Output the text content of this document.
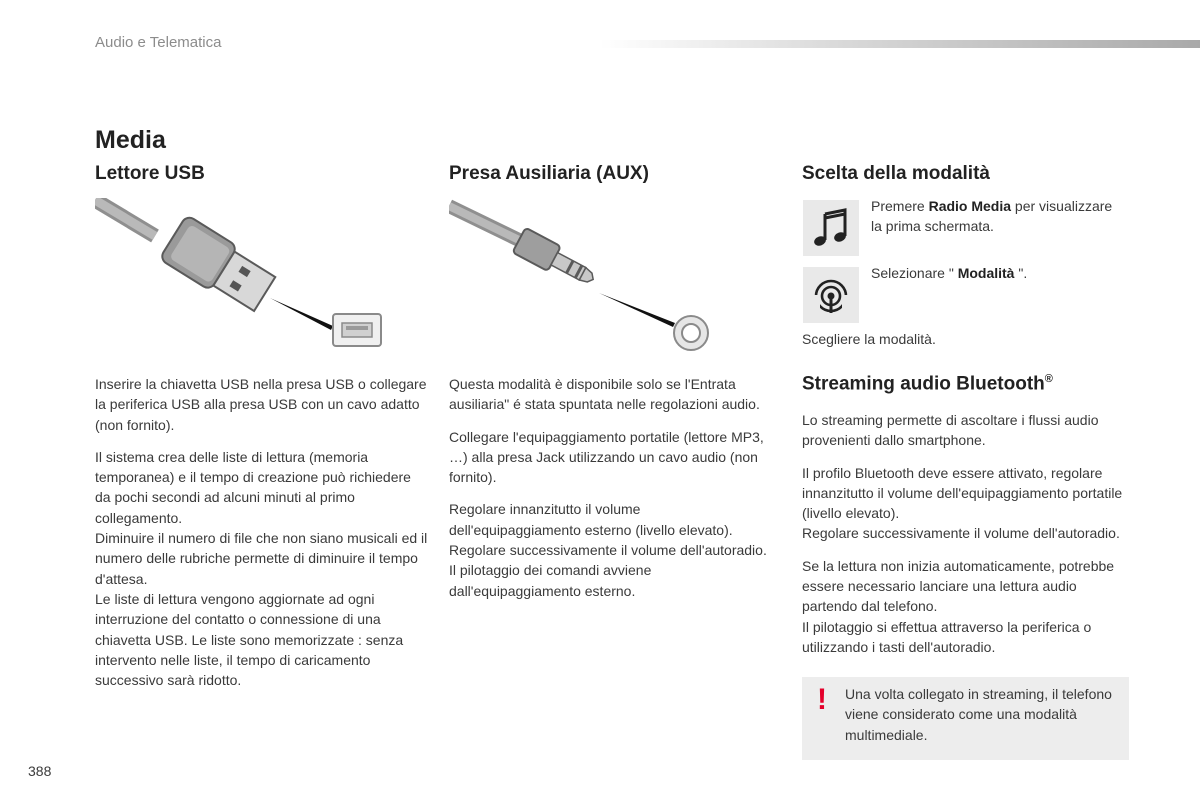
Audio e Telematica
Media
Lettore USB

Inserire la chiavetta USB nella presa USB o collegare la periferica USB alla presa USB con un cavo adatto (non fornito).

Il sistema crea delle liste di lettura (memoria temporanea) e il tempo di creazione può richiedere da pochi secondi ad alcuni minuti al primo collegamento.

Diminuire il numero di file che non siano musicali ed il numero delle rubriche permette di diminuire il tempo d'attesa.

Le liste di lettura vengono aggiornate ad ogni interruzione del contatto o connessione di una chiavetta USB. Le liste sono memorizzate : senza intervento nelle liste, il tempo di caricamento successivo sarà ridotto.

Presa Ausiliaria (AUX)

Questa modalità è disponibile solo se l'Entrata ausiliaria" é stata spuntata nelle regolazioni audio.

Collegare l'equipaggiamento portatile (lettore MP3, …) alla presa Jack utilizzando un cavo audio (non fornito).

Regolare innanzitutto il volume dell'equipaggiamento esterno (livello elevato).

Regolare successivamente il volume dell'autoradio.

Il pilotaggio dei comandi avviene dall'equipaggiamento esterno.

Scelta della modalità
Premere Radio Media per visualizzare la prima schermata.
Selezionare " Modalità ".
Scegliere la modalità.
Streaming audio Bluetooth®

Lo streaming permette di ascoltare i flussi audio provenienti dallo smartphone.

Il profilo Bluetooth deve essere attivato, regolare innanzitutto il volume dell'equipaggiamento portatile (livello elevato).

Regolare successivamente il volume dell'autoradio.

Se la lettura non inizia automaticamente, potrebbe essere necessario lanciare una lettura audio partendo dal telefono.

Il pilotaggio si effettua attraverso la periferica o utilizzando i tasti dell'autoradio.

! Una volta collegato in streaming, il telefono viene considerato come una modalità multimediale.
388
